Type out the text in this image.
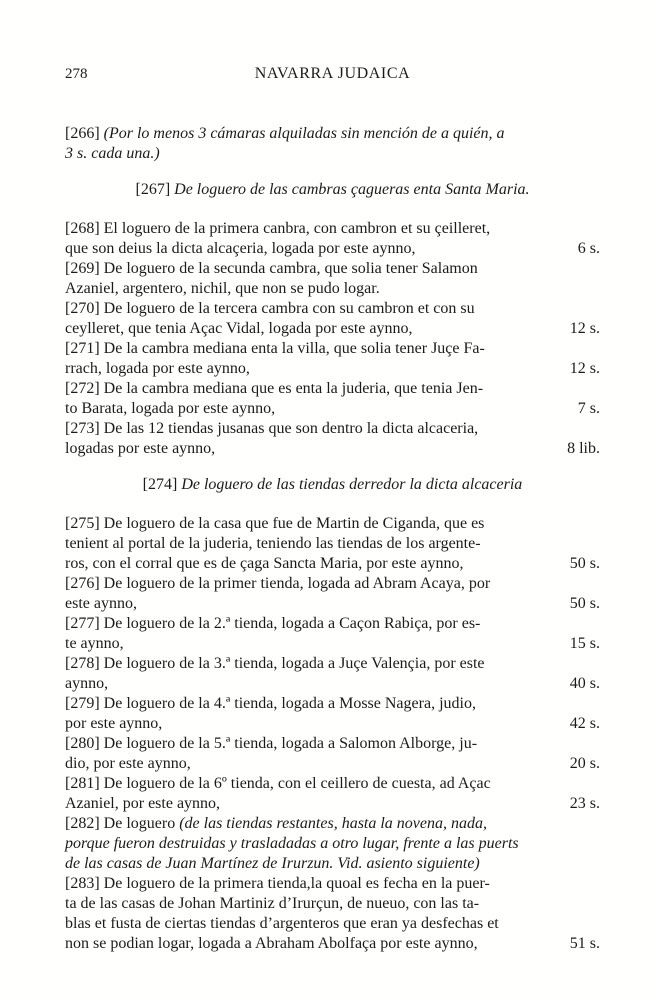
278	NAVARRA JUDAICA
[266] (Por lo menos 3 cámaras alquiladas sin mención de a quién, a
3 s. cada una.)
[267] De loguero de las cambras çagueras enta Santa Maria.
[268] El loguero de la primera canbra, con cambron et su çeilleret,
que son deius la dicta alcaçeria, logada por este aynno,	6 s.
[269] De loguero de la secunda cambra, que solia tener Salamon
Azaniel, argentero, nichil, que non se pudo logar.
[270] De loguero de la tercera cambra con su cambron et con su
ceylleret, que tenia Açac Vidal, logada por este aynno,	12 s.
[271] De la cambra mediana enta la villa, que solia tener Juçe Fa-
rrach, logada por este aynno,	12 s.
[272] De la cambra mediana que es enta la juderia, que tenia Jen-
to Barata, logada por este aynno,	7 s.
[273] De las 12 tiendas jusanas que son dentro la dicta alcaceria,
logadas por este aynno,	8 lib.
[274] De loguero de las tiendas derredor la dicta alcaceria
[275] De loguero de la casa que fue de Martin de Ciganda, que es
tenient al portal de la juderia, teniendo las tiendas de los argente-
ros, con el corral que es de çaga Sancta Maria, por este aynno,	50 s.
[276] De loguero de la primer tienda, logada ad Abram Acaya, por
este aynno,	50 s.
[277] De loguero de la 2.ª tienda, logada a Caçon Rabiça, por es-
te aynno,	15 s.
[278] De loguero de la 3.ª tienda, logada a Juçe Valençia, por este
aynno,	40 s.
[279] De loguero de la 4.ª tienda, logada a Mosse Nagera, judio,
por este aynno,	42 s.
[280] De loguero de la 5.ª tienda, logada a Salomon Alborge, ju-
dio, por este aynno,	20 s.
[281] De loguero de la 6º tienda, con el ceillero de cuesta, ad Açac
Azaniel, por este aynno,	23 s.
[282] De loguero (de las tiendas restantes, hasta la novena, nada,
porque fueron destruidas y trasladadas a otro lugar, frente a las puerts
de las casas de Juan Martínez de Irurzun. Vid. asiento siguiente)
[283] De loguero de la primera tienda,la quoal es fecha en la puer-
ta de las casas de Johan Martiniz d’Irurçun, de nueuo, con las ta-
blas et fusta de ciertas tiendas d’argenteros que eran ya desfechas et
non se podian logar, logada a Abraham Abolfaça por este aynno,	51 s.
